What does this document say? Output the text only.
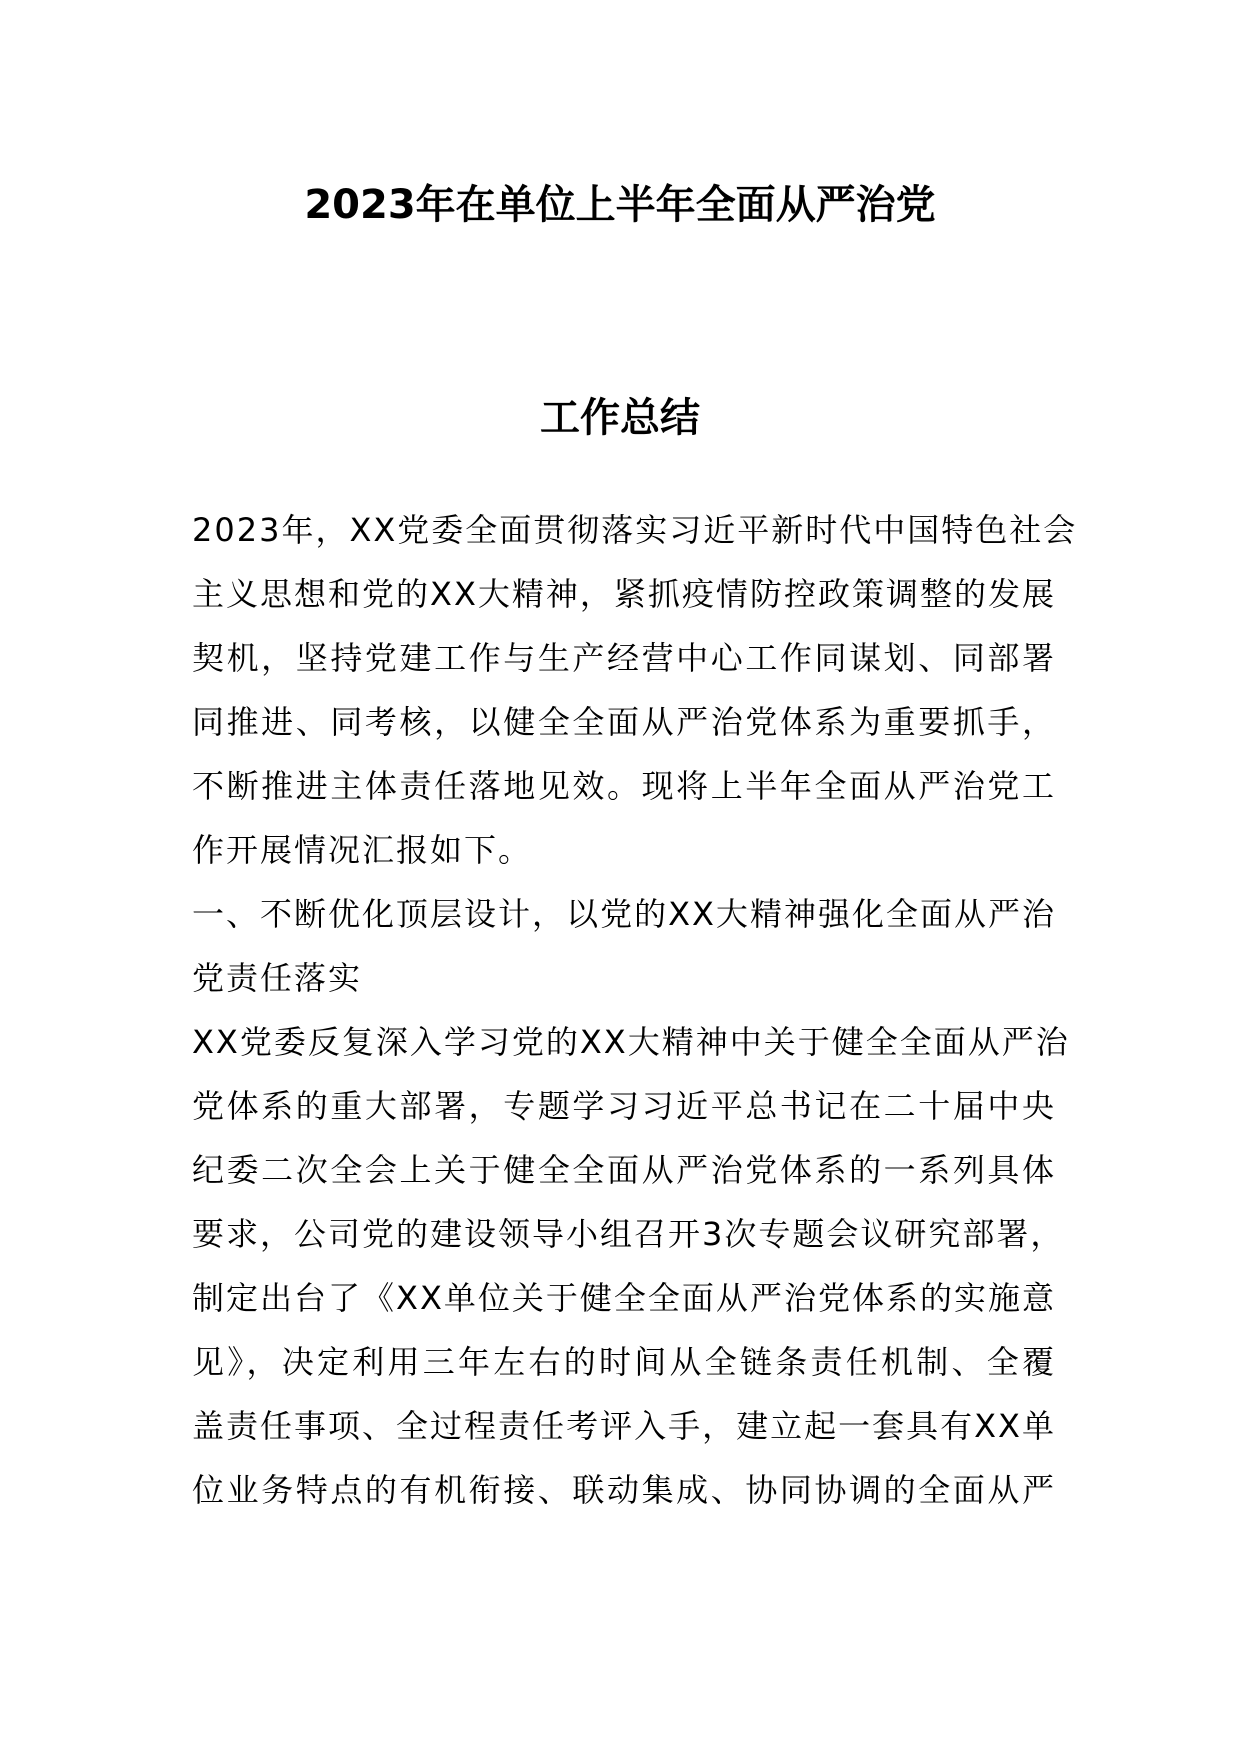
2023年在单位上半年全面从严治党
工作总结
2023年，XX党委全面贯彻落实习近平新时代中国特色社会
主义思想和党的XX大精神，紧抓疫情防控政策调整的发展
契机，坚持党建工作与生产经营中心工作同谋划、同部署
同推进、同考核，以健全全面从严治党体系为重要抓手，
不断推进主体责任落地见效。现将上半年全面从严治党工
作开展情况汇报如下。
一、不断优化顶层设计，以党的XX大精神强化全面从严治
党责任落实
XX党委反复深入学习党的XX大精神中关于健全全面从严治
党体系的重大部署，专题学习习近平总书记在二十届中央
纪委二次全会上关于健全全面从严治党体系的一系列具体
要求，公司党的建设领导小组召开3次专题会议研究部署，
制定出台了《XX单位关于健全全面从严治党体系的实施意
见》，决定利用三年左右的时间从全链条责任机制、全覆
盖责任事项、全过程责任考评入手，建立起一套具有XX单
位业务特点的有机衔接、联动集成、协同协调的全面从严
